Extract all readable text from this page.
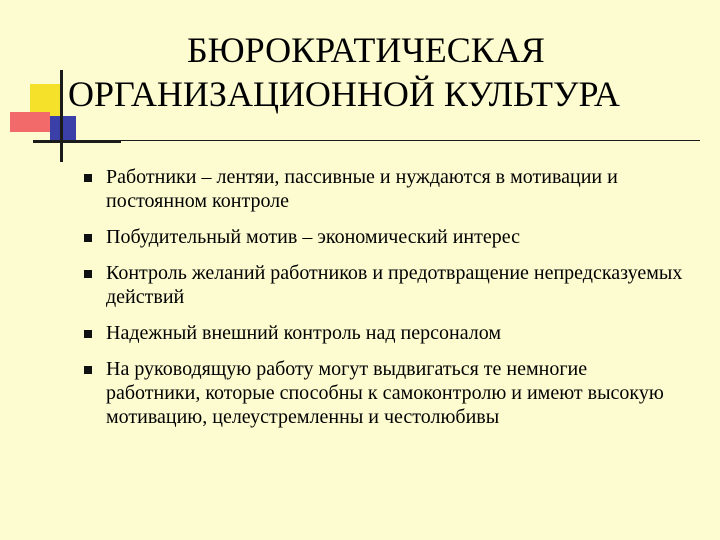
БЮРОКРАТИЧЕСКАЯ
ОРГАНИЗАЦИОННОЙ КУЛЬТУРА
Работники – лентяи, пассивные и нуждаются в мотивации и постоянном контроле
Побудительный мотив – экономический интерес
Контроль желаний работников и предотвращение непредсказуемых действий
Надежный внешний контроль над персоналом
На руководящую работу могут выдвигаться те немногие работники, которые способны к самоконтролю и имеют высокую мотивацию, целеустремленны и честолюбивы
